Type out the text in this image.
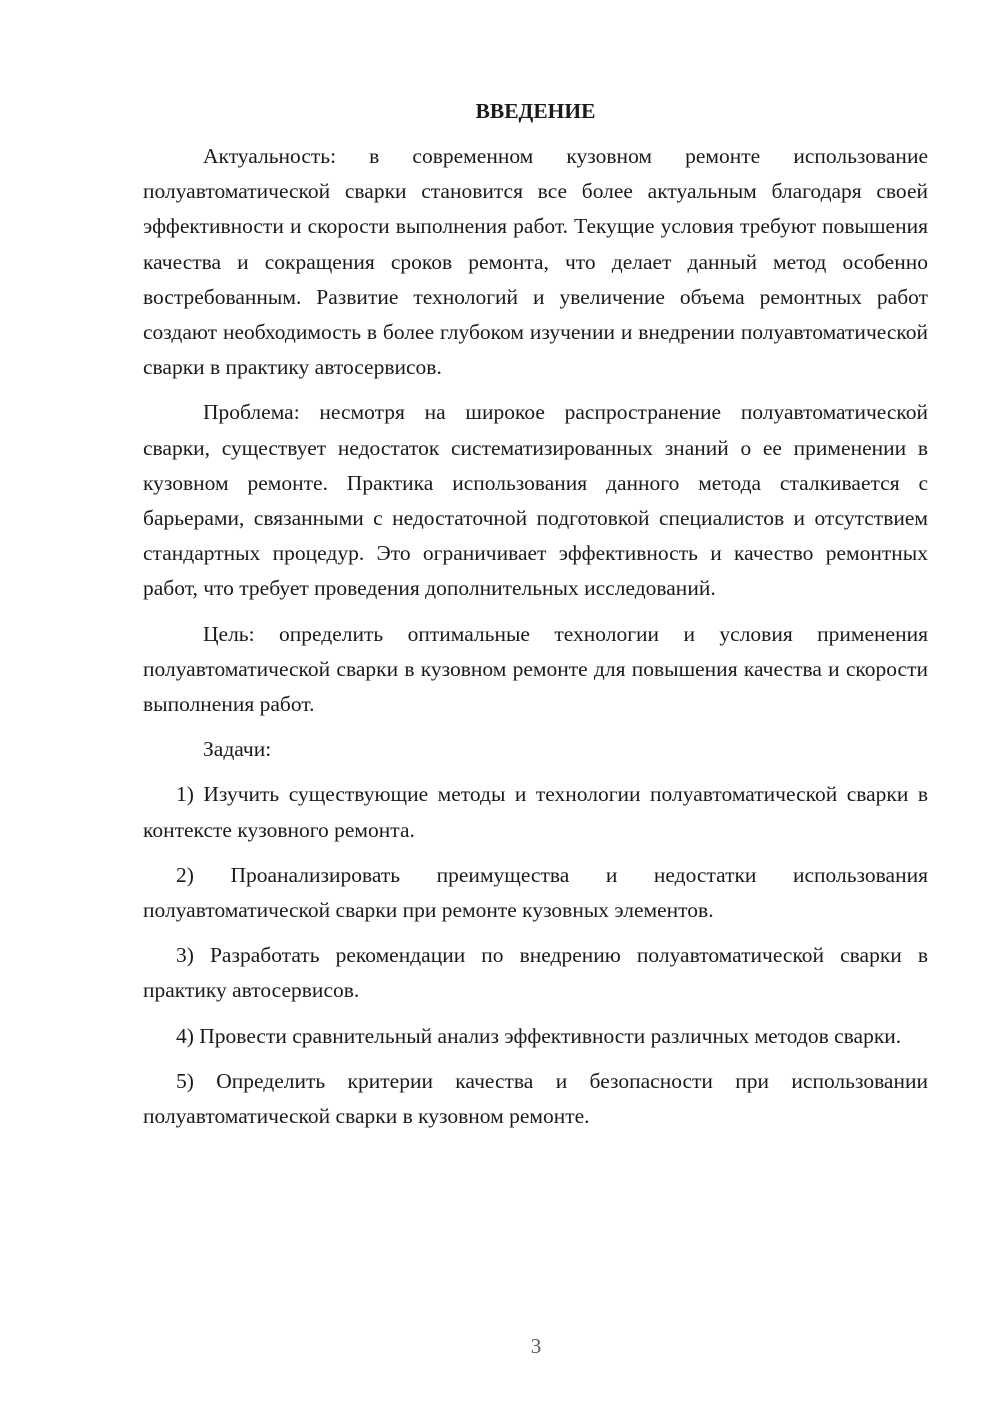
ВВЕДЕНИЕ

Актуальность: в современном кузовном ремонте использование полуавтоматической сварки становится все более актуальным благодаря своей эффективности и скорости выполнения работ. Текущие условия требуют повышения качества и сокращения сроков ремонта, что делает данный метод особенно востребованным. Развитие технологий и увеличение объема ремонтных работ создают необходимость в более глубоком изучении и внедрении полуавтоматической сварки в практику автосервисов.

Проблема: несмотря на широкое распространение полуавтоматической сварки, существует недостаток систематизированных знаний о ее применении в кузовном ремонте. Практика использования данного метода сталкивается с барьерами, связанными с недостаточной подготовкой специалистов и отсутствием стандартных процедур. Это ограничивает эффективность и качество ремонтных работ, что требует проведения дополнительных исследований.

Цель: определить оптимальные технологии и условия применения полуавтоматической сварки в кузовном ремонте для повышения качества и скорости выполнения работ.

Задачи:

1) Изучить существующие методы и технологии полуавтоматической сварки в контексте кузовного ремонта.

2) Проанализировать преимущества и недостатки использования полуавтоматической сварки при ремонте кузовных элементов.

3) Разработать рекомендации по внедрению полуавтоматической сварки в практику автосервисов.

4) Провести сравнительный анализ эффективности различных методов сварки.

5) Определить критерии качества и безопасности при использовании полуавтоматической сварки в кузовном ремонте.

3
